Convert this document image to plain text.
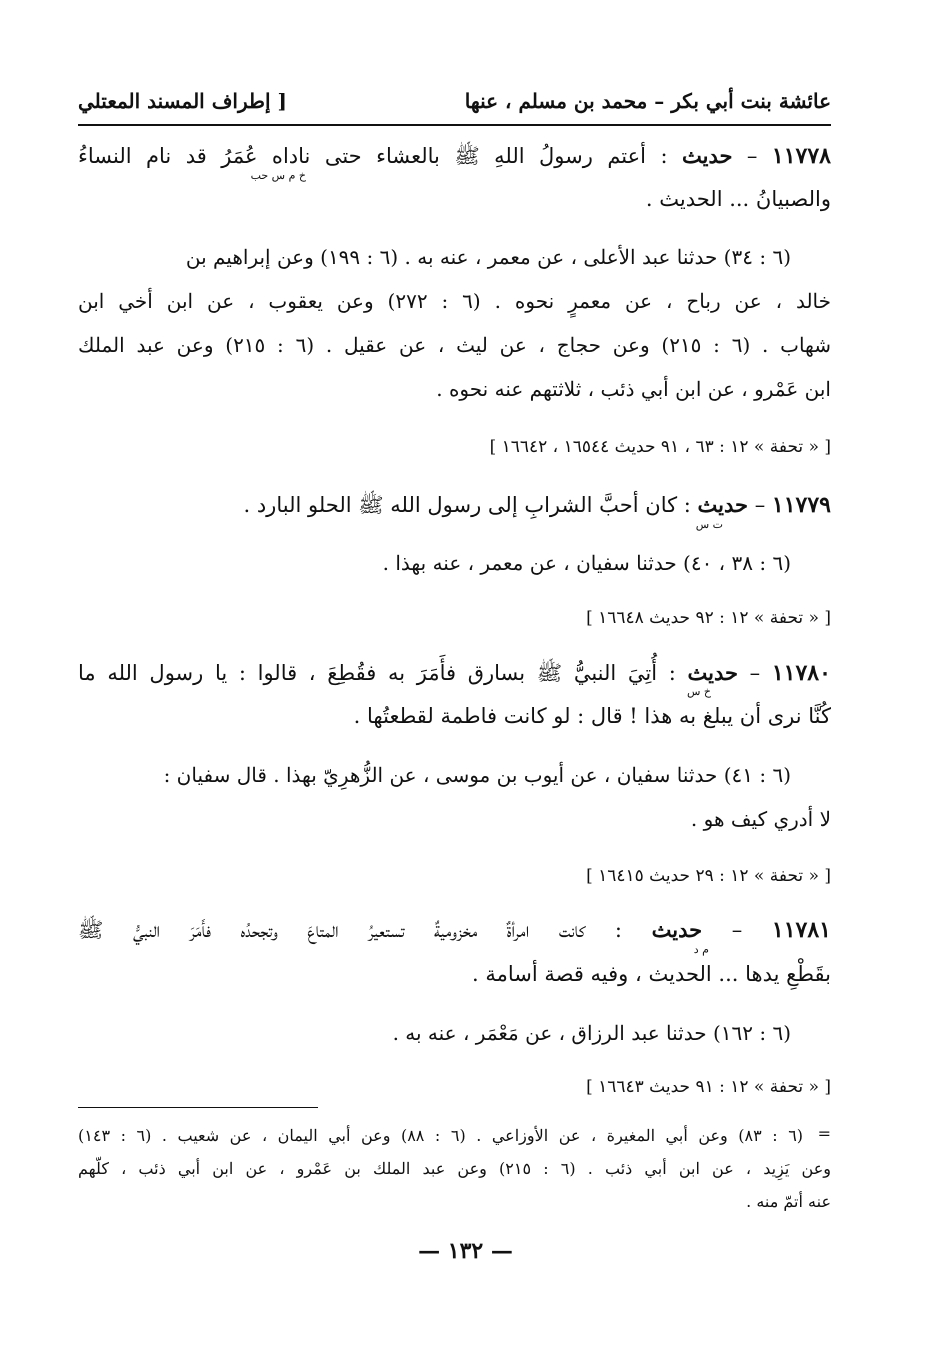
عائشة بنت أبي بكر – محمد بن مسلم ، عنها
[ إطراف المسند المعتلي
١١٧٧٨ – حديث : أعتم رسولُ اللهِ ﷺ بالعشاء حتى ناداه عُمَرُ قد نام النساءُ
خ م س حب
والصبيانُ ... الحديث .
(٦ : ٣٤) حدثنا عبد الأعلى ، عن معمر ، عنه به . (٦ : ١٩٩) وعن إبراهيم بن
خالد ، عن رباح ، عن معمرٍ نحوه . (٦ : ٢٧٢) وعن يعقوب ، عن ابن أخي ابن
شهاب . (٦ : ٢١٥) وعن حجاج ، عن ليث ، عن عقيل . (٦ : ٢١٥) وعن عبد الملك
ابن عَمْرو ، عن ابن أبي ذئب ، ثلاثتهم عنه نحوه .
[ « تحفة » ١٢ : ٦٣ ، ٩١ حديث ١٦٥٤٤ ، ١٦٦٤٢ ]
١١٧٧٩ – حديث : كان أحبَّ الشرابِ إلى رسول الله ﷺ الحلو البارد .
ت س
(٦ : ٣٨ ، ٤٠) حدثنا سفيان ، عن معمر ، عنه بهذا .
[ « تحفة » ١٢ : ٩٢ حديث ١٦٦٤٨ ]
١١٧٨٠ – حديث : أُتِيَ النبيُّ ﷺ بسارق فأَمَرَ به فقُطِعَ ، قالوا : يا رسول الله ما
خ س
كُنَّا نرى أن يبلغ به هذا ! قال : لو كانت فاطمة لقطعتُها .
(٦ : ٤١) حدثنا سفيان ، عن أيوب بن موسى ، عن الزُّهرِيّ بهذا . قال سفيان :
لا أدري كيف هو .
[ « تحفة » ١٢ : ٢٩ حديث ١٦٤١٥ ]
١١٧٨١ – حديث : كانت امرأةٌ مخزوميةٌ تستعيرُ المتاعَ وتجحدُه فأَمَرَ النبيُّ ﷺ
م د
بقَطْعِ يدها ... الحديث ، وفيه قصة أسامة .
(٦ : ١٦٢) حدثنا عبد الرزاق ، عن مَعْمَر ، عنه به .
[ « تحفة » ١٢ : ٩١ حديث ١٦٦٤٣ ]
=
(٦ : ٨٣) وعن أبي المغيرة ، عن الأوزاعي . (٦ : ٨٨) وعن أبي اليمان ، عن شعيب . (٦ : ١٤٣)
وعن يَزِيد ، عن ابن أبي ذئب . (٦ : ٢١٥) وعن عبد الملك بن عَمْرو ، عن ابن أبي ذئب ، كلّهم
عنه أتمّ منه .
— ١٣٢ —
